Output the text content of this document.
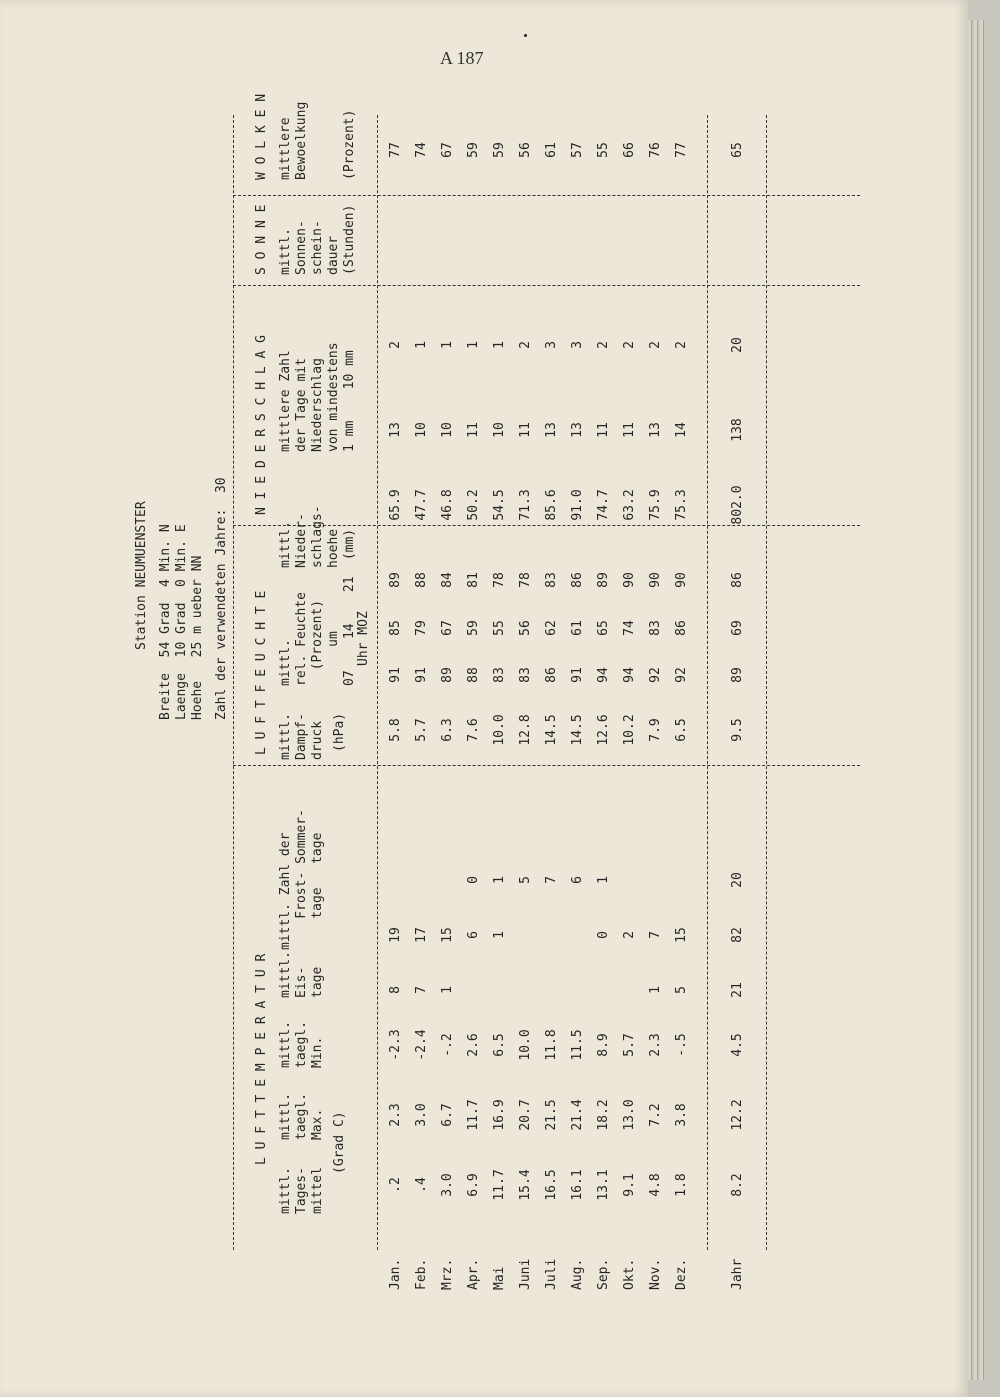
A 187
Station NEUMUENSTER Breite  54 Grad  4 Min. N Laenge  10 Grad  0 Min. E Hoehe   25 m ueber NN Zahl der verwendeten Jahre:  30
L U F T T E M P E R A T U R
L U F T F E U C H T E
N I E D E R S C H L A G
S O N N E
W O L K E N
mittl.
Tages-
mittel
mittl.
taegl.
Max.
mittl.
taegl.
Min.
(Grad C)
mittl.
Eis-
tage
mittl. Zahl der
Frost- Sommer-
tage   tage
mittl.
Dampf-
druck (hPa)
mittl.
rel. Feuchte
(Prozent)
um 07    14    21 Uhr MOZ
mittl.
Nieder-
schlags-
hoehe
(mm)
mittlere Zahl
der Tage mit
Niederschlag
von mindestens
1 mm    10 mm
mittl.
Sonnen-
schein-
dauer
(Stunden)
mittlere
Bewoelkung	(Prozent)
Jan.
.2
2.3
-2.3
8
19
5.8
91
85
89
65.9
13
2
77
Feb.
.4
3.0
-2.4
7
17
5.7
91
79
88
47.7
10
1
74
Mrz.
3.0
6.7
-.2
1
15
6.3
89
67
84
46.8
10
1
67
Apr.
6.9
11.7
2.6
6
0
7.6
88
59
81
50.2
11
1
59
Mai
11.7
16.9
6.5
1
1
10.0
83
55
78
54.5
10
1
59
Juni
15.4
20.7
10.0
5
12.8
83
56
78
71.3
11
2
56
Juli
16.5
21.5
11.8
7
14.5
86
62
83
85.6
13
3
61
Aug.
16.1
21.4
11.5
6
14.5
91
61
86
91.0
13
3
57
Sep.
13.1
18.2
8.9
0
1
12.6
94
65
89
74.7
11
2
55
Okt.
9.1
13.0
5.7
2
10.2
94
74
90
63.2
11
2
66
Nov.
4.8
7.2
2.3
1
7
7.9
92
83
90
75.9
13
2
76
Dez.
1.8
3.8
-.5
5
15
6.5
92
86
90
75.3
14
2
77
Jahr
8.2
12.2
4.5
21
82
20
9.5
89
69
86
802.0
138
20
65
